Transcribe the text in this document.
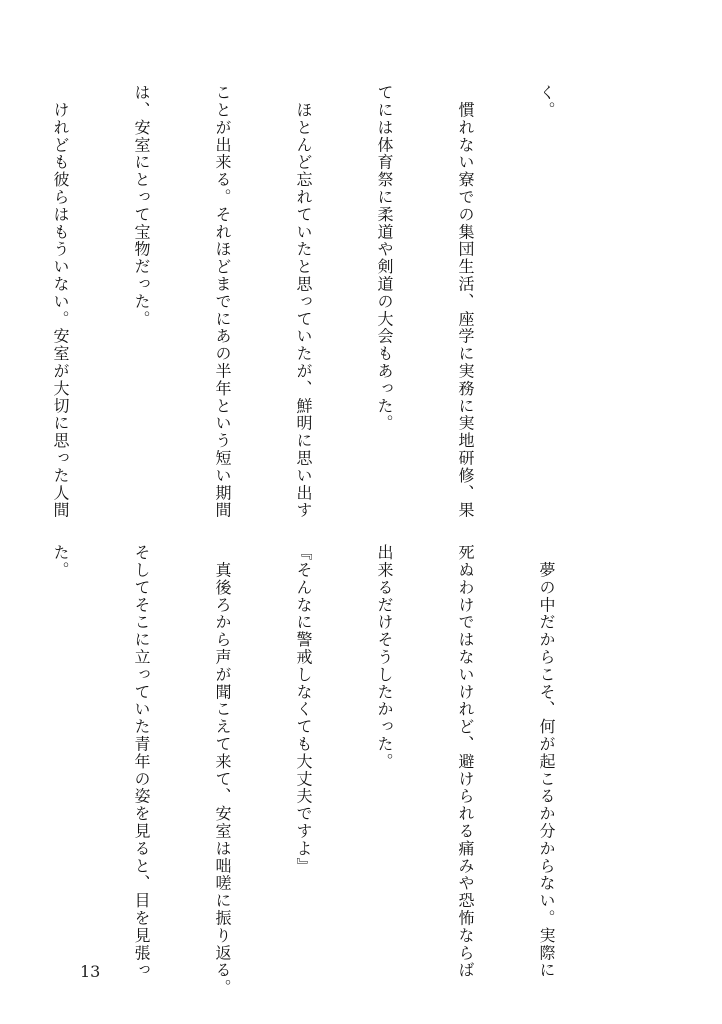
く。

　慣れない寮での集団生活、座学に実務に実地研修、果

てには体育祭に柔道や剣道の大会もあった。

　ほとんど忘れていたと思っていたが、鮮明に思い出す

ことが出来る。それほどまでにあの半年という短い期間

は、安室にとって宝物だった。

　けれども彼らはもういない。安室が大切に思った人間

　夢の中だからこそ、何が起こるか分からない。実際に

死ぬわけではないけれど、避けられる痛みや恐怖ならば

出来るだけそうしたかった。

『そんなに警戒しなくても大丈夫ですよ』

　真後ろから声が聞こえて来て、安室は咄嗟に振り返る。

そしてそこに立っていた青年の姿を見ると、目を見張っ

た。

13
